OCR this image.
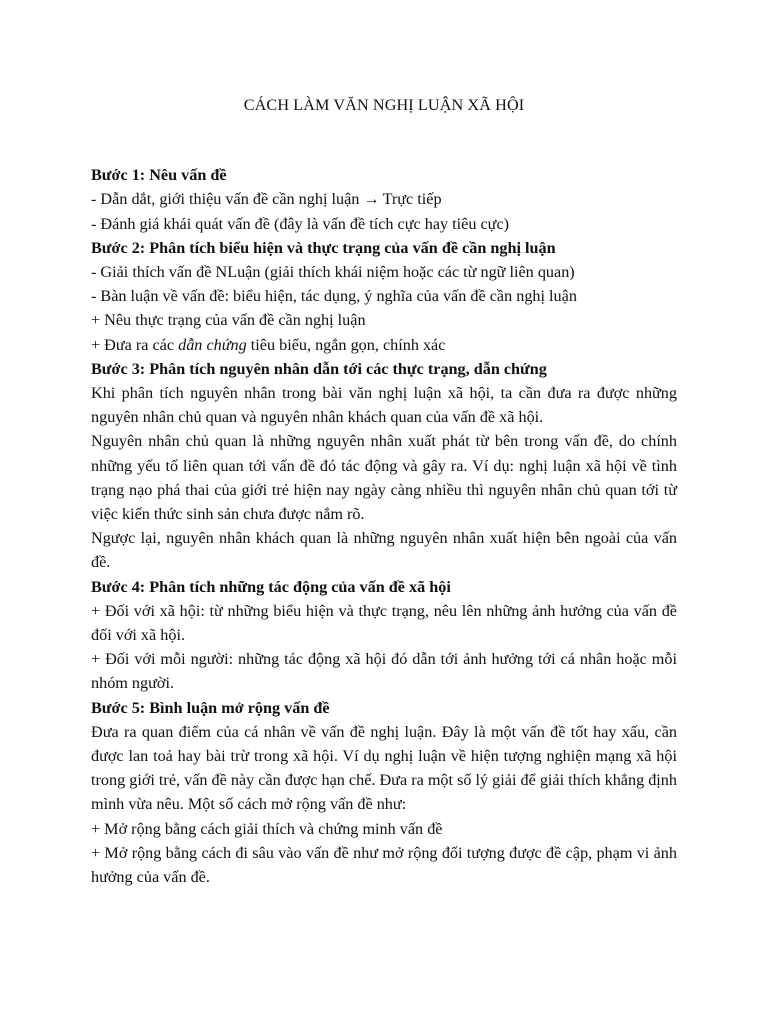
CÁCH LÀM VĂN NGHỊ LUẬN XÃ HỘI

Bước 1: Nêu vấn đề

- Dẫn dắt, giới thiệu vấn đề cần nghị luận → Trực tiếp

- Đánh giá khái quát vấn đề (đây là vấn đề tích cực hay tiêu cực)

Bước 2: Phân tích biểu hiện và thực trạng của vấn đề cần nghị luận

- Giải thích vấn đề NLuận (giải thích khái niệm hoặc các từ ngữ liên quan)

- Bàn luận về vấn đề: biểu hiện, tác dụng, ý nghĩa của vấn đề cần nghị luận

+ Nêu thực trạng của vấn đề cần nghị luận

+ Đưa ra các dẫn chứng tiêu biểu, ngắn gọn, chính xác

Bước 3: Phân tích nguyên nhân dẫn tới các thực trạng, dẫn chứng

Khi phân tích nguyên nhân trong bài văn nghị luận xã hội, ta cần đưa ra được những nguyên nhân chủ quan và nguyên nhân khách quan của vấn đề xã hội.

Nguyên nhân chủ quan là những nguyên nhân xuất phát từ bên trong vấn đề, do chính những yếu tố liên quan tới vấn đề đó tác động và gây ra. Ví dụ: nghị luận xã hội về tình trạng nạo phá thai của giới trẻ hiện nay ngày càng nhiều thì nguyên nhân chủ quan tới từ việc kiến thức sinh sản chưa được nắm rõ.

Ngược lại, nguyên nhân khách quan là những nguyên nhân xuất hiện bên ngoài của vấn đề.

Bước 4: Phân tích những tác động của vấn đề xã hội

+ Đối với xã hội: từ những biểu hiện và thực trạng, nêu lên những ảnh hưởng của vấn đề đối với xã hội.

+ Đối với mỗi người: những tác động xã hội đó dẫn tới ảnh hưởng tới cá nhân hoặc mỗi nhóm người.

Bước 5: Bình luận mở rộng vấn đề

Đưa ra quan điểm của cá nhân về vấn đề nghị luận. Đây là một vấn đề tốt hay xấu, cần được lan toả hay bài trừ trong xã hội. Ví dụ nghị luận về hiện tượng nghiện mạng xã hội trong giới trẻ, vấn đề này cần được hạn chế. Đưa ra một số lý giải để giải thích khẳng định mình vừa nêu. Một số cách mở rộng vấn đề như:

+ Mở rộng bằng cách giải thích và chứng minh vấn đề

+ Mở rộng bằng cách đi sâu vào vấn đề như mở rộng đối tượng được đề cập, phạm vi ảnh hưởng của vấn đề.
